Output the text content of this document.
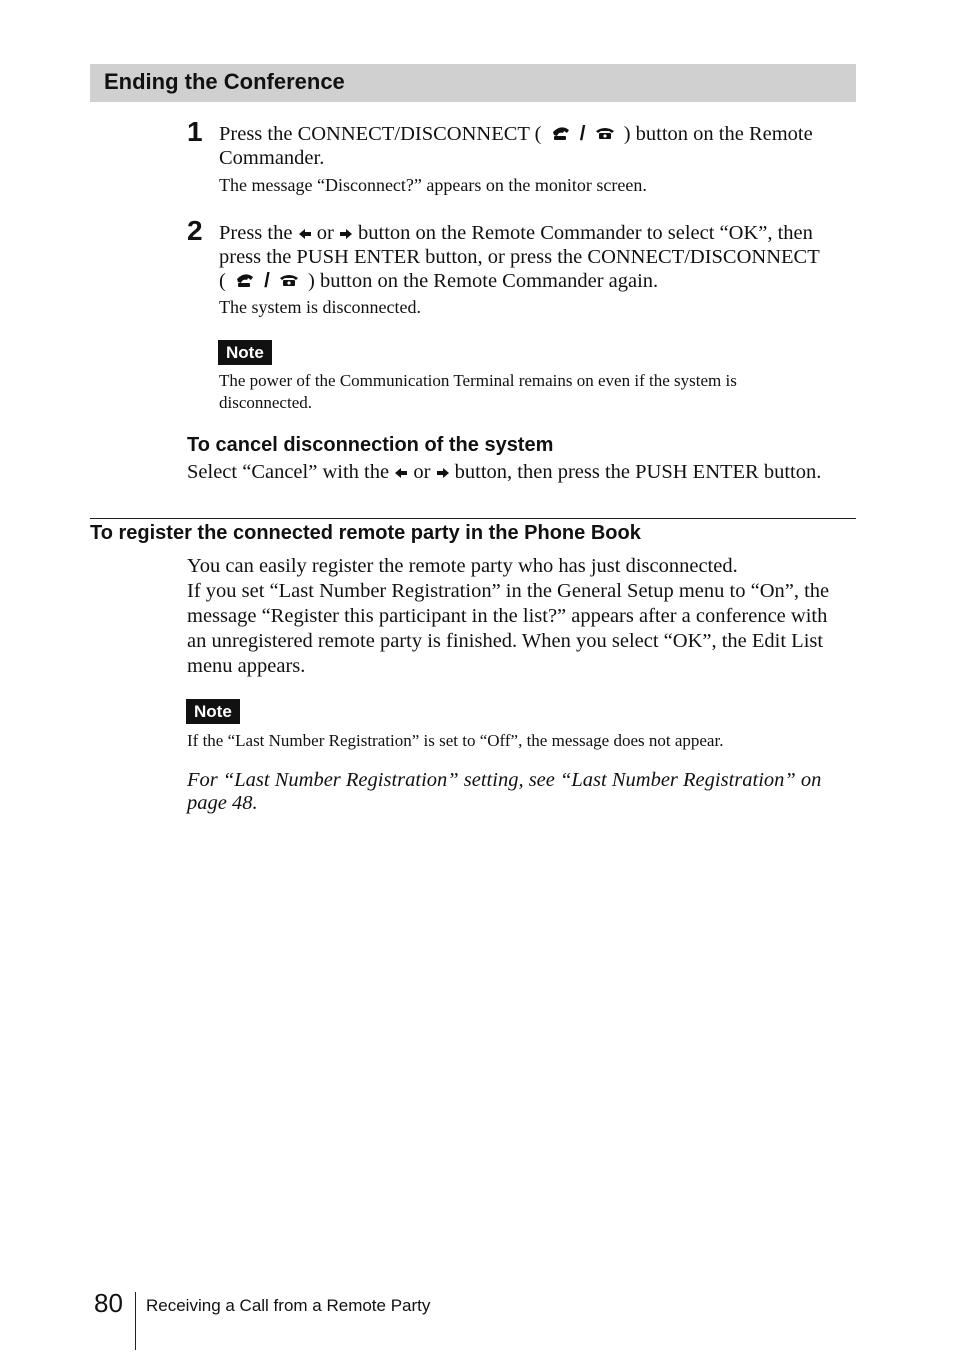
Ending the Conference
1 Press the CONNECT/DISCONNECT ( / ) button on the Remote
Commander.
The message “Disconnect?” appears on the monitor screen.
2 Press the or button on the Remote Commander to select “OK”, then
press the PUSH ENTER button, or press the CONNECT/DISCONNECT
( / ) button on the Remote Commander again.
The system is disconnected.
Note
The power of the Communication Terminal remains on even if the system is
disconnected.
To cancel disconnection of the system
Select “Cancel” with the or button, then press the PUSH ENTER button.
To register the connected remote party in the Phone Book
You can easily register the remote party who has just disconnected.
If you set “Last Number Registration” in the General Setup menu to “On”, the
message “Register this participant in the list?” appears after a conference with
an unregistered remote party is finished. When you select “OK”, the Edit List
menu appears.
Note
If the “Last Number Registration” is set to “Off”, the message does not appear.
For “Last Number Registration” setting, see “Last Number Registration” on
page 48.
80 Receiving a Call from a Remote Party
